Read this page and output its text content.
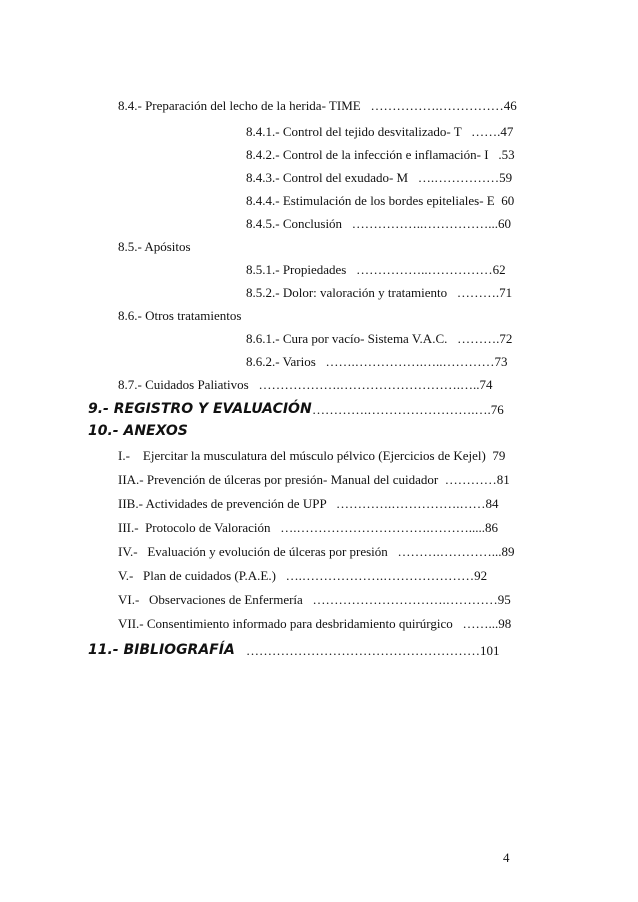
8.4.- Preparación del lecho de la herida- TIME   …………….……………46
8.4.1.- Control del tejido desvitalizado- T   …….47
8.4.2.- Control de la infección e inflamación- I   .53
8.4.3.- Control del exudado- M   ….……………59
8.4.4.- Estimulación de los bordes epiteliales- E  60
8.4.5.- Conclusión   ……………..……………...60
8.5.- Apósitos
8.5.1.- Propiedades   ……………..……………62
8.5.2.- Dolor: valoración y tratamiento   ……….71
8.6.- Otros tratamientos
8.6.1.- Cura por vacío- Sistema V.A.C.   ……….72
8.6.2.- Varios   …….…………….…..…………73
8.7.- Cuidados Paliativos   ……………….……………………….…..74
9.- REGISTRO Y EVALUACIÓN ………….…………………….….76
10.- ANEXOS
I.-    Ejercitar la musculatura del músculo pélvico (Ejercicios de Kejel)  79
IIA.- Prevención de úlceras por presión- Manual del cuidador  …………81
IIB.- Actividades de prevención de UPP   ………….…………….……84
III.-  Protocolo de Valoración   ….………………………….……….....86
IV.-   Evaluación y evolución de úlceras por presión   ……….…………...89
V.-   Plan de cuidados (P.A.E.)   ….……………….…………………92
VI.-   Observaciones de Enfermería   ………………………….…………95
VII.- Consentimiento informado para desbridamiento quirúrgico   ……...98
11.- BIBLIOGRAFÍA ………………………………………………101
4
